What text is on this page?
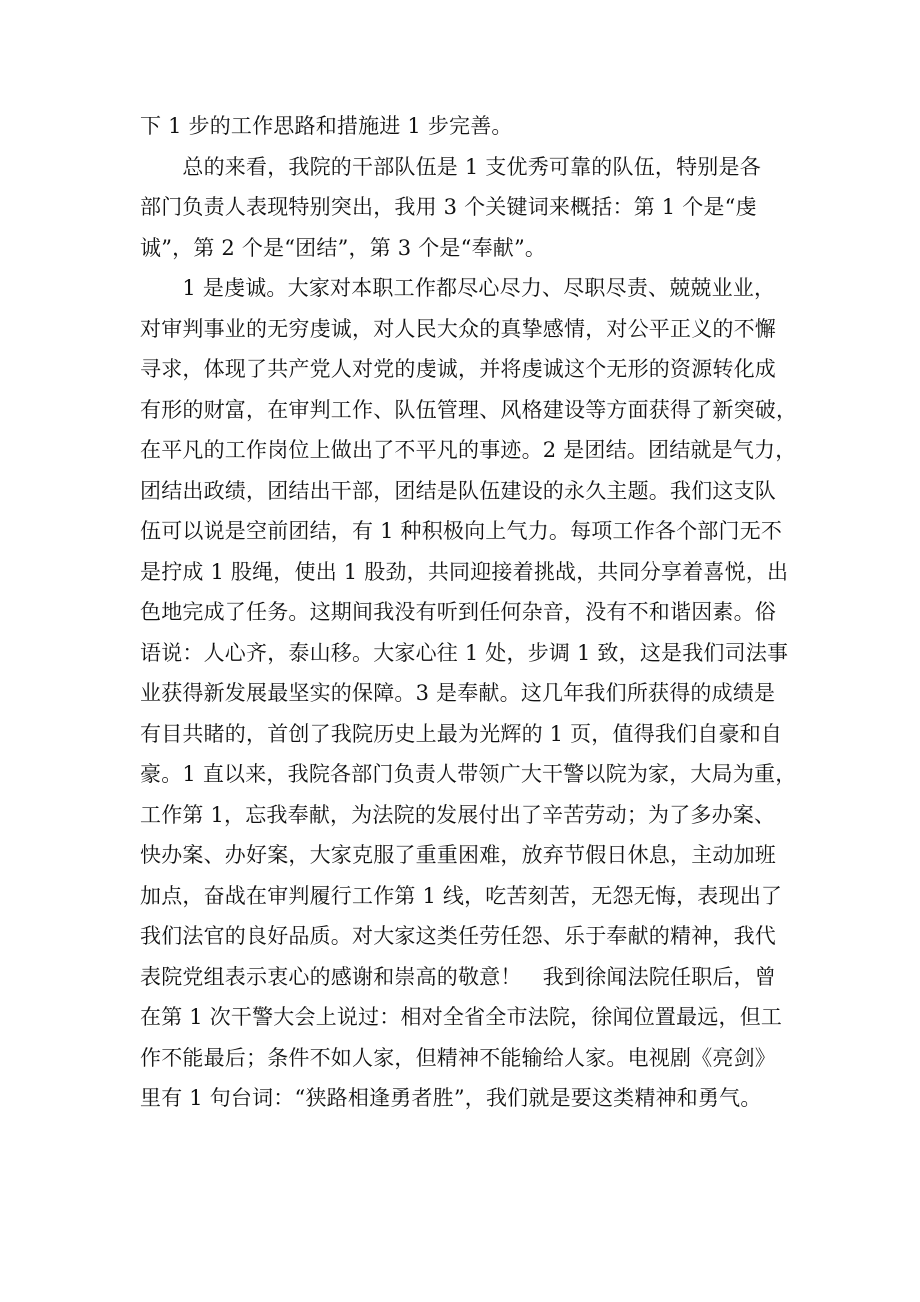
下 1 步的工作思路和措施进 1 步完善。
　　总的来看，我院的干部队伍是 1 支优秀可靠的队伍，特别是各
部门负责人表现特别突出，我用 3 个关键词来概括：第 1 个是“虔
诚”，第 2 个是“团结”，第 3 个是“奉献”。
　　1 是虔诚。大家对本职工作都尽心尽力、尽职尽责、兢兢业业，
对审判事业的无穷虔诚，对人民大众的真挚感情，对公平正义的不懈
寻求，体现了共产党人对党的虔诚，并将虔诚这个无形的资源转化成
有形的财富，在审判工作、队伍管理、风格建设等方面获得了新突破，
在平凡的工作岗位上做出了不平凡的事迹。2 是团结。团结就是气力，
团结出政绩，团结出干部，团结是队伍建设的永久主题。我们这支队
伍可以说是空前团结，有 1 种积极向上气力。每项工作各个部门无不
是拧成 1 股绳，使出 1 股劲，共同迎接着挑战，共同分享着喜悦，出
色地完成了任务。这期间我没有听到任何杂音，没有不和谐因素。俗
语说：人心齐，泰山移。大家心往 1 处，步调 1 致，这是我们司法事
业获得新发展最坚实的保障。3 是奉献。这几年我们所获得的成绩是
有目共睹的，首创了我院历史上最为光辉的 1 页，值得我们自豪和自
豪。1 直以来，我院各部门负责人带领广大干警以院为家，大局为重，
工作第 1，忘我奉献，为法院的发展付出了辛苦劳动；为了多办案、
快办案、办好案，大家克服了重重困难，放弃节假日休息，主动加班
加点，奋战在审判履行工作第 1 线，吃苦刻苦，无怨无悔，表现出了
我们法官的良好品质。对大家这类任劳任怨、乐于奉献的精神，我代
表院党组表示衷心的感谢和崇高的敬意！　我到徐闻法院任职后，曾
在第 1 次干警大会上说过：相对全省全市法院，徐闻位置最远，但工
作不能最后；条件不如人家，但精神不能输给人家。电视剧《亮剑》
里有 1 句台词：“狭路相逢勇者胜”，我们就是要这类精神和勇气。
